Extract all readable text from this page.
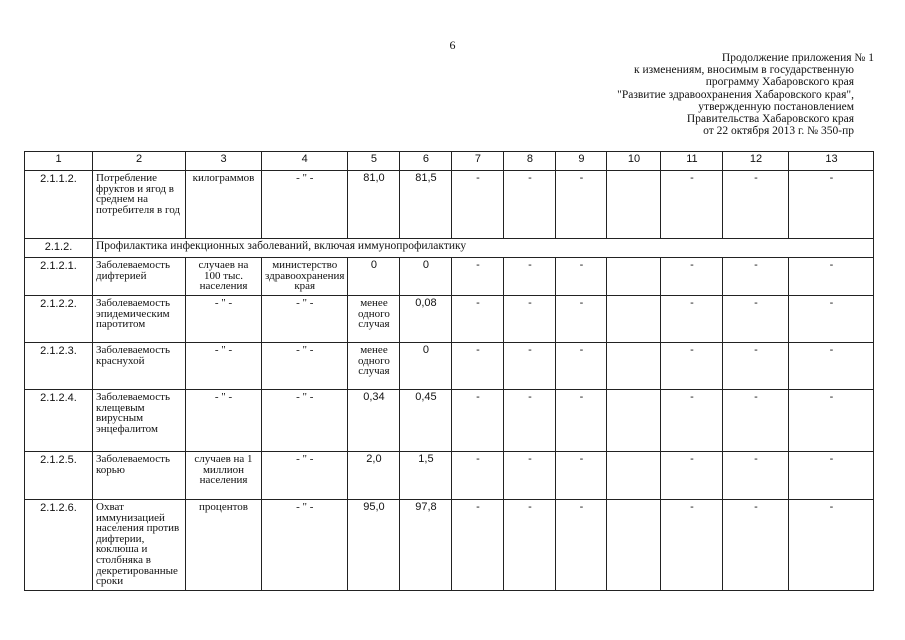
6
Продолжение приложения № 1
к изменениям, вносимым в государственную
программу Хабаровского края
"Развитие здравоохранения Хабаровского края",
утвержденную постановлением
Правительства Хабаровского края
от 22 октября 2013 г. № 350-пр
1	2	3	4	5	6	7	8	9	10	11	12	13
2.1.1.2.	Потребление фруктов и ягод в среднем на потребителя в год	килограммов	- " -	81,0	81,5	-	-	-		-	-	-
2.1.2.	Профилактика инфекционных заболеваний, включая иммунопрофилактику											
2.1.2.1.	Заболеваемость дифтерией	случаев на 100 тыс. населения	министерство здравоохранения края	0	0	-	-	-		-	-	-
2.1.2.2.	Заболеваемость эпидемическим паротитом	- " -	- " -	менее одного случая	0,08	-	-	-		-	-	-
2.1.2.3.	Заболеваемость краснухой	- " -	- " -	менее одного случая	0	-	-	-		-	-	-
2.1.2.4.	Заболеваемость клещевым вирусным энцефалитом	- " -	- " -	0,34	0,45	-	-	-		-	-	-
2.1.2.5.	Заболеваемость корью	случаев на 1 миллион населения	- " -	2,0	1,5	-	-	-		-	-	-
2.1.2.6.	Охват иммунизацией населения против дифтерии, коклюша и столбняка в декретированные сроки	процентов	- " -	95,0	97,8	-	-	-		-	-	-
